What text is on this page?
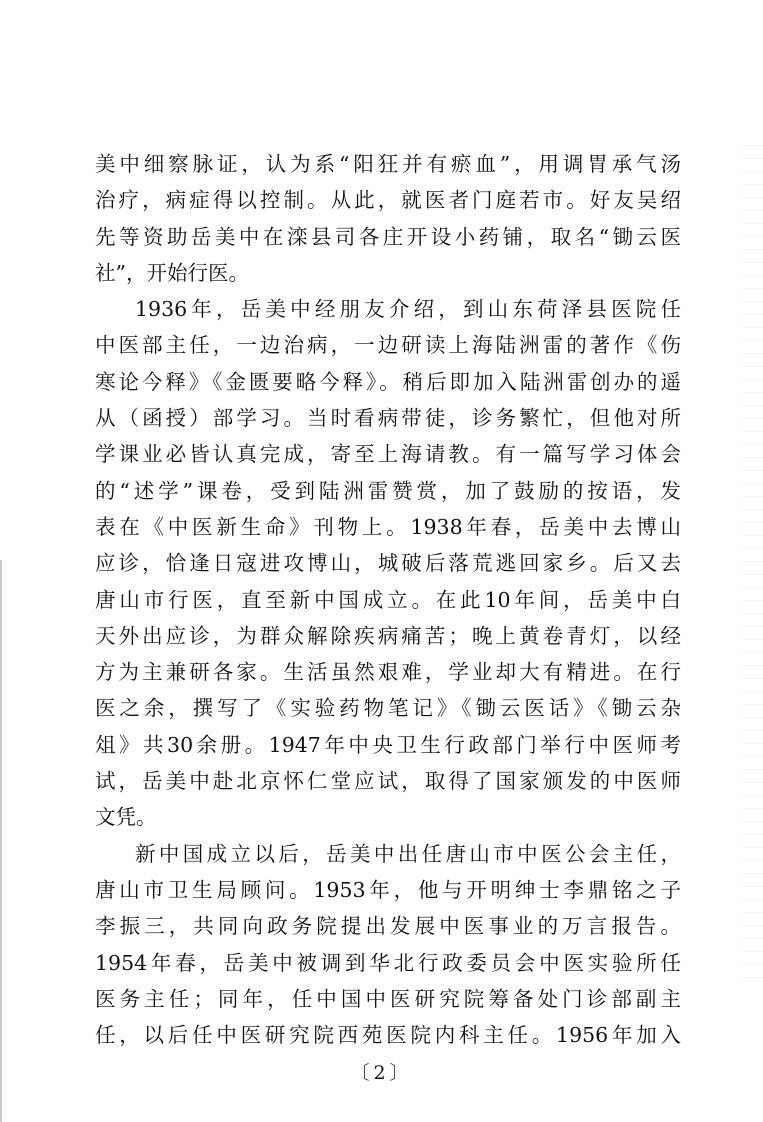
美中细察脉证，认为系“阳狂并有瘀血”，用调胃承气汤
治疗，病症得以控制。从此，就医者门庭若市。好友吴绍
先等资助岳美中在滦县司各庄开设小药铺，取名“锄云医
社”，开始行医。
1936年，岳美中经朋友介绍，到山东荷泽县医院任
中医部主任，一边治病，一边研读上海陆洲雷的著作《伤
寒论今释》《金匮要略今释》。稍后即加入陆洲雷创办的遥
从（函授）部学习。当时看病带徒，诊务繁忙，但他对所
学课业必皆认真完成，寄至上海请教。有一篇写学习体会
的“述学”课卷，受到陆洲雷赞赏，加了鼓励的按语，发
表在《中医新生命》刊物上。1938年春，岳美中去博山
应诊，恰逢日寇进攻博山，城破后落荒逃回家乡。后又去
唐山市行医，直至新中国成立。在此10年间，岳美中白
天外出应诊，为群众解除疾病痛苦；晚上黄卷青灯，以经
方为主兼研各家。生活虽然艰难，学业却大有精进。在行
医之余，撰写了《实验药物笔记》《锄云医话》《锄云杂
俎》共30余册。1947年中央卫生行政部门举行中医师考
试，岳美中赴北京怀仁堂应试，取得了国家颁发的中医师
文凭。
新中国成立以后，岳美中出任唐山市中医公会主任，
唐山市卫生局顾问。1953年，他与开明绅士李鼎铭之子
李振三，共同向政务院提出发展中医事业的万言报告。
1954年春，岳美中被调到华北行政委员会中医实验所任
医务主任；同年，任中国中医研究院筹备处门诊部副主
任，以后任中医研究院西苑医院内科主任。1956年加入
〔2〕
